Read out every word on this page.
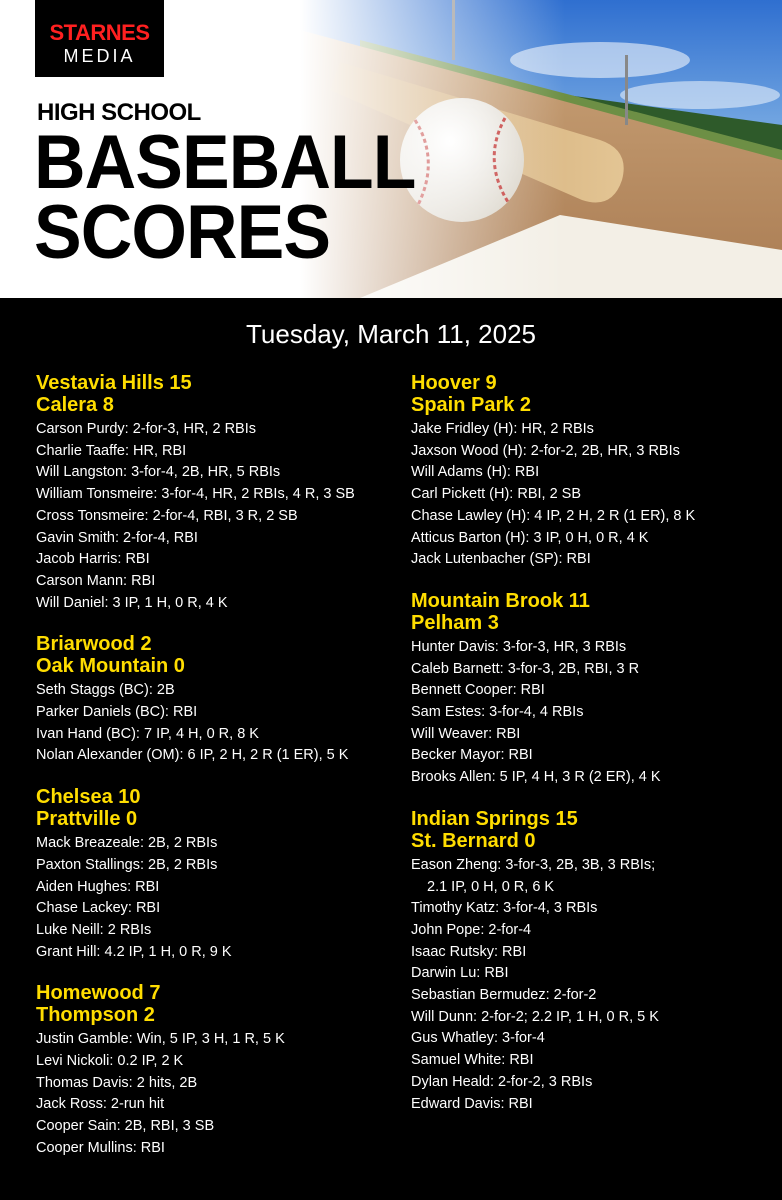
STARNES
MEDIA
HIGH SCHOOL
BASEBALL
SCORES
Tuesday, March 11, 2025
Vestavia Hills 15
Calera 8
Carson Purdy: 2-for-3, HR, 2 RBIs
Charlie Taaffe: HR, RBI
Will Langston: 3-for-4, 2B, HR, 5 RBIs
William Tonsmeire: 3-for-4, HR, 2 RBIs, 4 R, 3 SB
Cross Tonsmeire: 2-for-4, RBI, 3 R, 2 SB
Gavin Smith: 2-for-4, RBI
Jacob Harris: RBI
Carson Mann: RBI
Will Daniel: 3 IP, 1 H, 0 R, 4 K
Briarwood 2
Oak Mountain 0
Seth Staggs (BC): 2B
Parker Daniels (BC): RBI
Ivan Hand (BC): 7 IP, 4 H, 0 R, 8 K
Nolan Alexander (OM): 6 IP, 2 H, 2 R (1 ER), 5 K
Chelsea 10
Prattville 0
Mack Breazeale: 2B, 2 RBIs
Paxton Stallings: 2B, 2 RBIs
Aiden Hughes: RBI
Chase Lackey: RBI
Luke Neill: 2 RBIs
Grant Hill: 4.2 IP, 1 H, 0 R, 9 K
Homewood 7
Thompson 2
Justin Gamble: Win, 5 IP, 3 H, 1 R, 5 K
Levi Nickoli: 0.2 IP, 2 K
Thomas Davis: 2 hits, 2B
Jack Ross: 2-run hit
Cooper Sain: 2B, RBI, 3 SB
Cooper Mullins: RBI
Hoover 9
Spain Park 2
Jake Fridley (H): HR, 2 RBIs
Jaxson Wood (H): 2-for-2, 2B, HR, 3 RBIs
Will Adams (H): RBI
Carl Pickett (H): RBI, 2 SB
Chase Lawley (H): 4 IP, 2 H, 2 R (1 ER), 8 K
Atticus Barton (H): 3 IP, 0 H, 0 R, 4 K
Jack Lutenbacher (SP): RBI
Mountain Brook 11
Pelham 3
Hunter Davis: 3-for-3, HR, 3 RBIs
Caleb Barnett: 3-for-3, 2B, RBI, 3 R
Bennett Cooper: RBI
Sam Estes: 3-for-4, 4 RBIs
Will Weaver: RBI
Becker Mayor: RBI
Brooks Allen: 5 IP, 4 H, 3 R (2 ER), 4 K
Indian Springs 15
St. Bernard 0
Eason Zheng: 3-for-3, 2B, 3B, 3 RBIs;
2.1 IP, 0 H, 0 R, 6 K
Timothy Katz: 3-for-4, 3 RBIs
John Pope: 2-for-4
Isaac Rutsky: RBI
Darwin Lu: RBI
Sebastian Bermudez: 2-for-2
Will Dunn: 2-for-2; 2.2 IP, 1 H, 0 R, 5 K
Gus Whatley: 3-for-4
Samuel White: RBI
Dylan Heald: 2-for-2, 3 RBIs
Edward Davis: RBI
